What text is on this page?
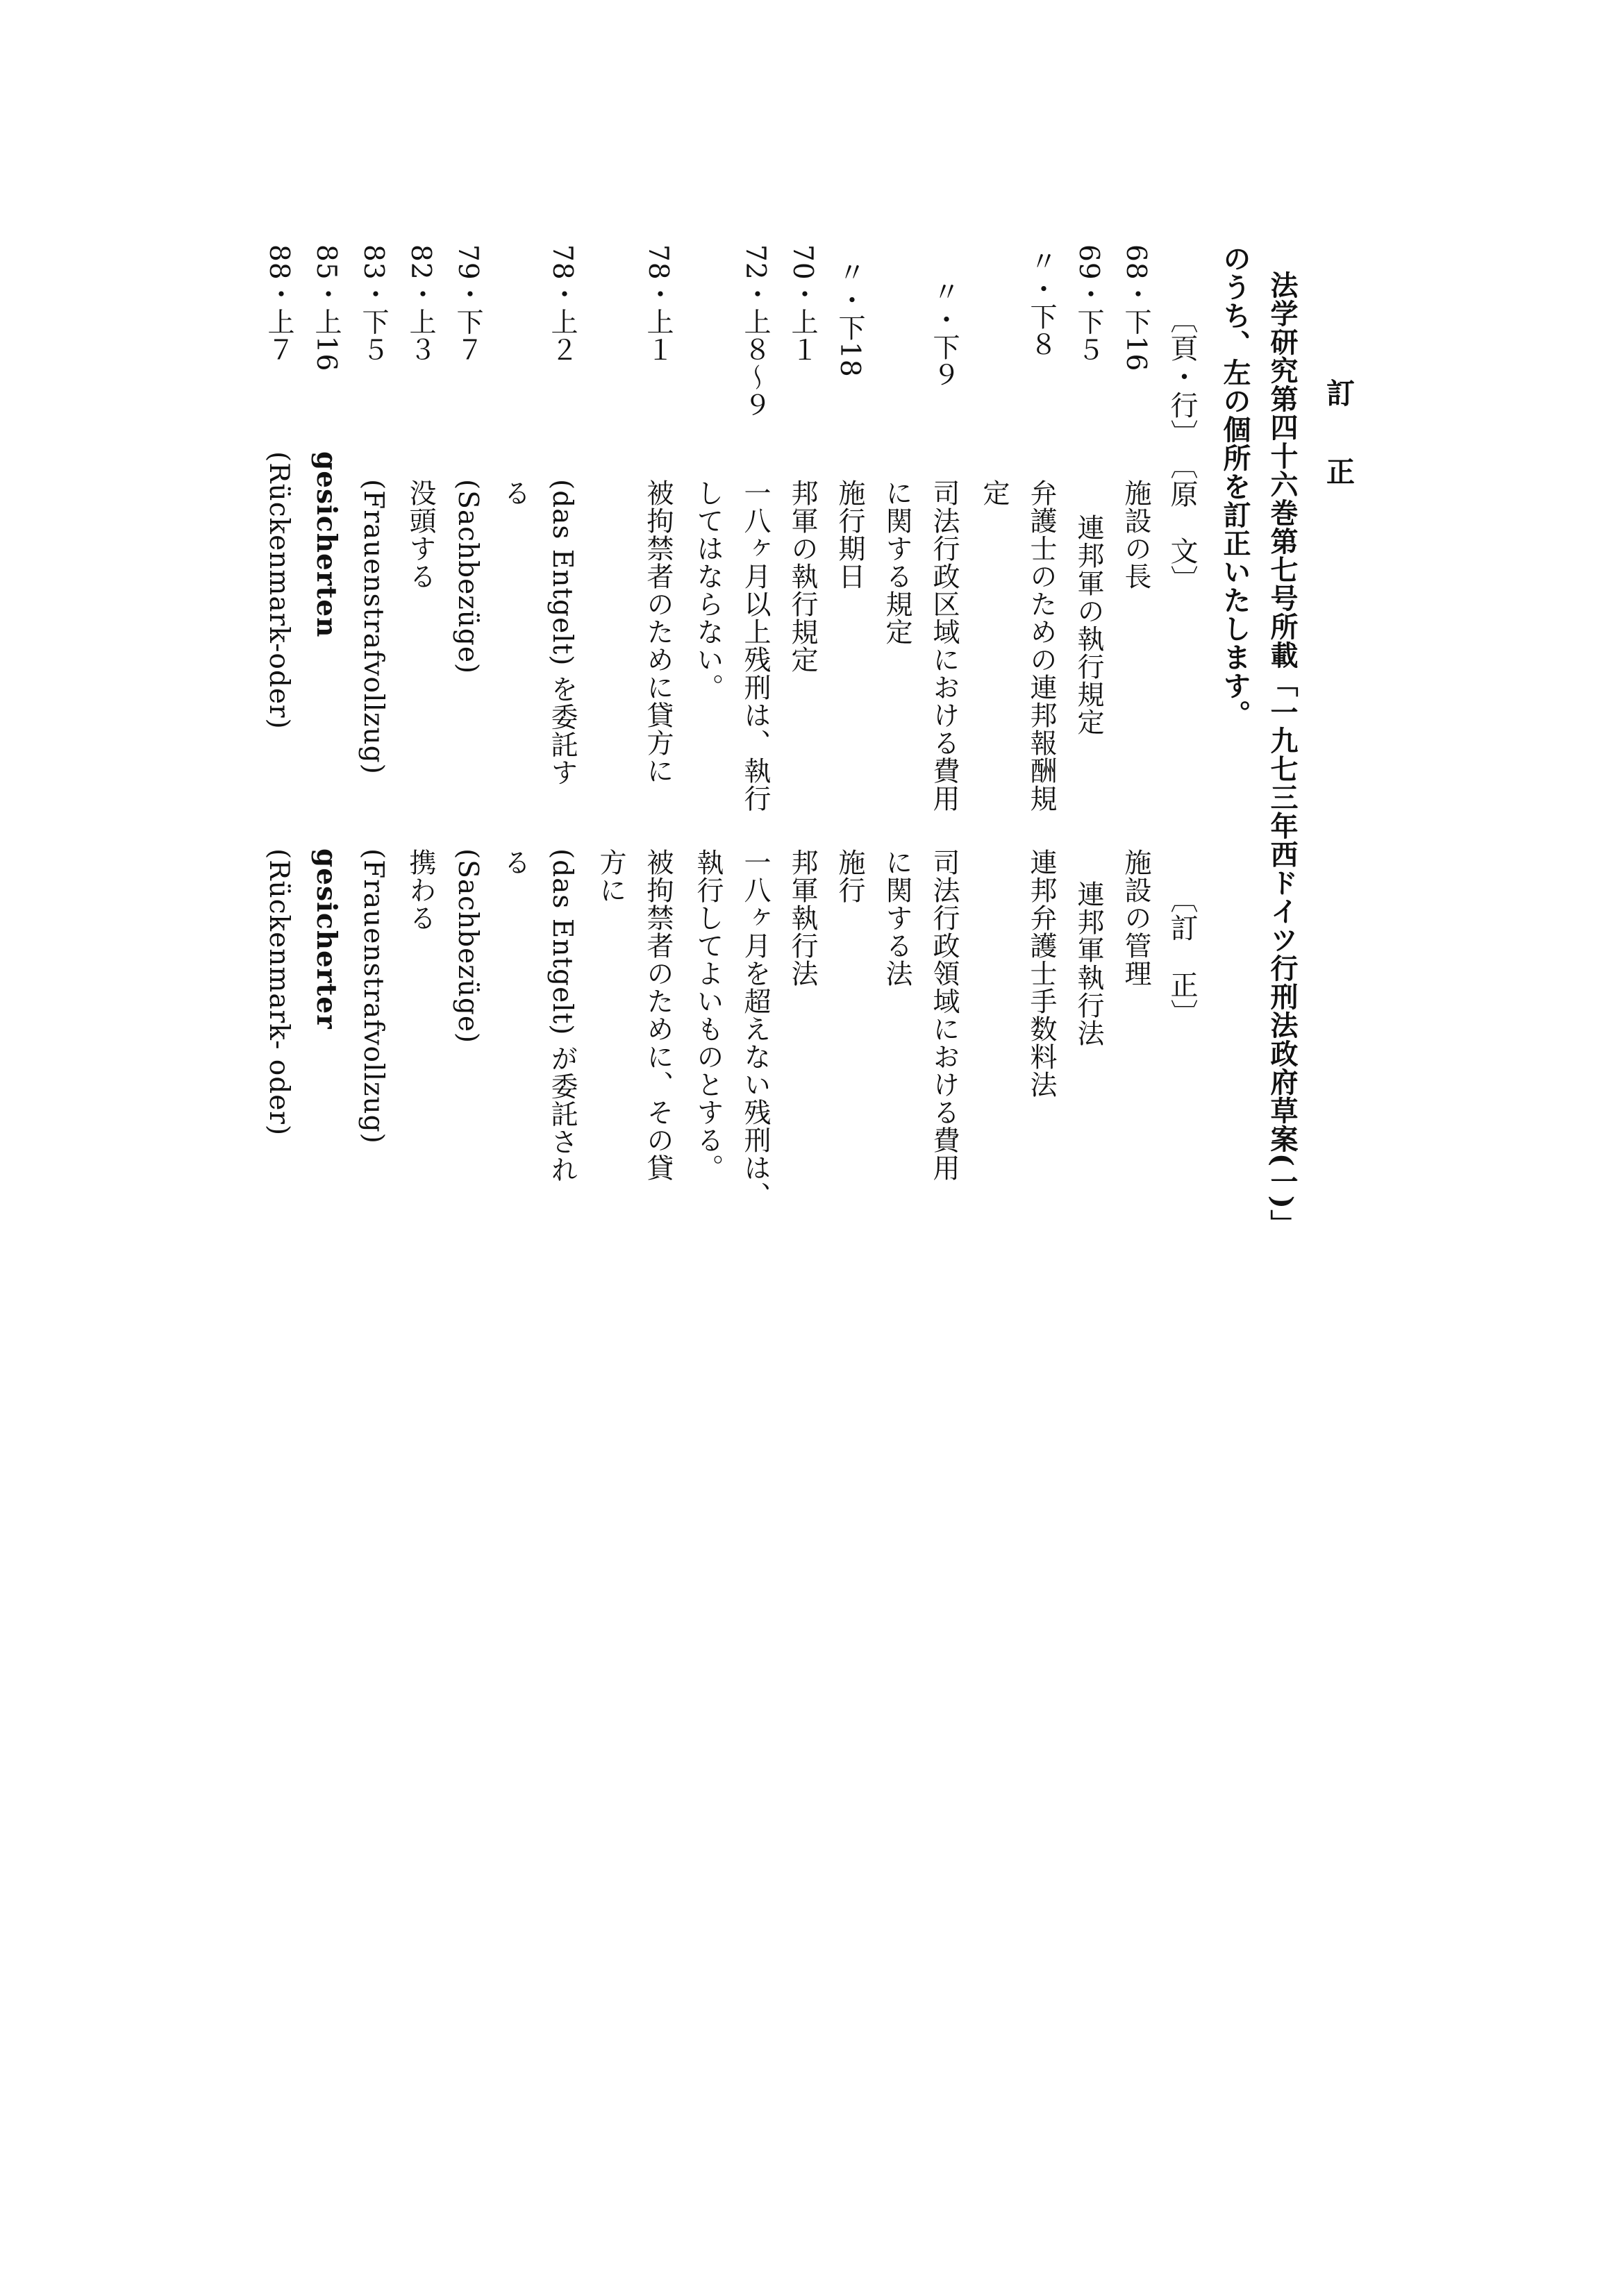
訂正
法学研究第四十六巻第七号所載「一九七三年西ドイツ行刑法政府草案(一)」
のうち、左の個所を訂正いたします。
〔頁・行〕
〔原　文〕
〔訂　正〕
68・下16
施設の長
施設の管理
69・下５
連邦軍の執行規定
連邦軍執行法
〃・下８
弁護士のための連邦報酬規
定
連邦弁護士手数料法
〃・下９
司法行政区域における費用
に関する規定
司法行政領域における費用
に関する法
〃・下18
施行期日
施行
70・上１
邦軍の執行規定
邦軍執行法
72・上８〜９
一八ヶ月以上残刑は、執行
してはならない。
一八ヶ月を超えない残刑は、
執行してよいものとする。
78・上１
被拘禁者のために貸方に
被拘禁者のために、その貸
方に
78・上２
(das Entgelt) を委託す
る
(das Entgelt) が委託され
る
79・下７
(Sachbezüge)
(Sachbezüge)
82・上３
没頭する
携わる
83・下５
(Frauenstrafvollzug)
(Frauenstrafvollzug)
85・上16
gesicherten
gesicherter
88・上７
(Rückenmark-oder)
(Rückenmark- oder)
